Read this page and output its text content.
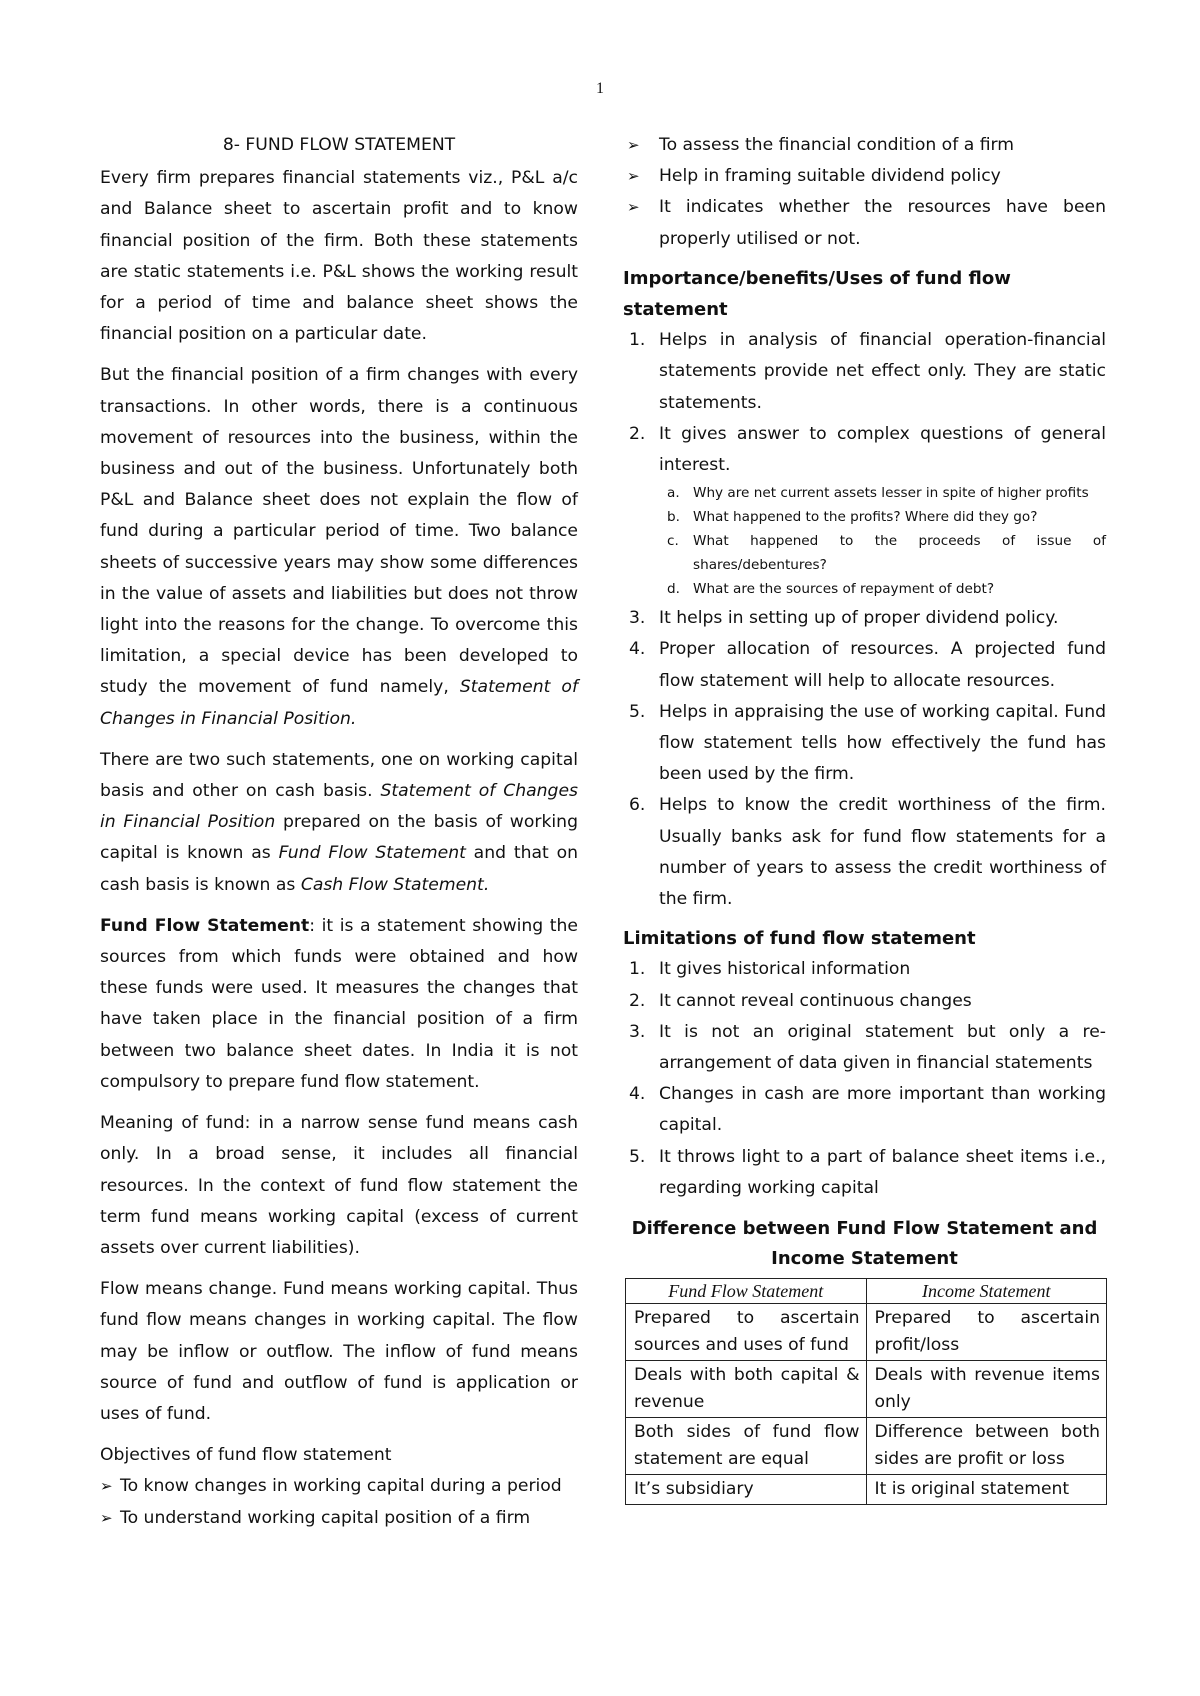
1
8- FUND FLOW STATEMENT

Every firm prepares financial statements viz., P&L a/c and Balance sheet to ascertain profit and to know financial position of the firm. Both these statements are static statements i.e. P&L shows the working result for a period of time and balance sheet shows the financial position on a particular date.

But the financial position of a firm changes with every transactions. In other words, there is a continuous movement of resources into the business, within the business and out of the business. Unfortunately both P&L and Balance sheet does not explain the flow of fund during a particular period of time. Two balance sheets of successive years may show some differences in the value of assets and liabilities but does not throw light into the reasons for the change. To overcome this limitation, a special device has been developed to study the movement of fund namely, Statement of Changes in Financial Position.

There are two such statements, one on working capital basis and other on cash basis. Statement of Changes in Financial Position prepared on the basis of working capital is known as Fund Flow Statement and that on cash basis is known as Cash Flow Statement.

Fund Flow Statement: it is a statement showing the sources from which funds were obtained and how these funds were used. It measures the changes that have taken place in the financial position of a firm between two balance sheet dates. In India it is not compulsory to prepare fund flow statement.

Meaning of fund: in a narrow sense fund means cash only. In a broad sense, it includes all financial resources. In the context of fund flow statement the term fund means working capital (excess of current assets over current liabilities).

Flow means change. Fund means working capital. Thus fund flow means changes in working capital. The flow may be inflow or outflow. The inflow of fund means source of fund and outflow of fund is application or uses of fund.

Objectives of fund flow statement

➢ To know changes in working capital during a period
➢ To understand working capital position of a firm
➢ To assess the financial condition of a firm
➢ Help in framing suitable dividend policy
➢ It indicates whether the resources have been properly utilised or not.
Importance/benefits/Uses of fund flow statement
1. Helps in analysis of financial operation-financial statements provide net effect only. They are static statements.
2. It gives answer to complex questions of general interest.
a. Why are net current assets lesser in spite of higher profits
b. What happened to the profits? Where did they go?
c. What happened to the proceeds of issue of shares/debentures?
d. What are the sources of repayment of debt?
3. It helps in setting up of proper dividend policy.
4. Proper allocation of resources. A projected fund flow statement will help to allocate resources.
5. Helps in appraising the use of working capital. Fund flow statement tells how effectively the fund has been used by the firm.
6. Helps to know the credit worthiness of the firm. Usually banks ask for fund flow statements for a number of years to assess the credit worthiness of the firm.
Limitations of fund flow statement
1. It gives historical information
2. It cannot reveal continuous changes
3. It is not an original statement but only a re-arrangement of data given in financial statements
4. Changes in cash are more important than working capital.
5. It throws light to a part of balance sheet items i.e., regarding working capital
Difference between Fund Flow Statement and Income Statement
Fund Flow Statement	Income Statement
Prepared to ascertain sources and uses of fund	Prepared to ascertain profit/loss
Deals with both capital & revenue	Deals with revenue items only
Both sides of fund flow statement are equal	Difference between both sides are profit or loss
It’s subsidiary	It is original statement
